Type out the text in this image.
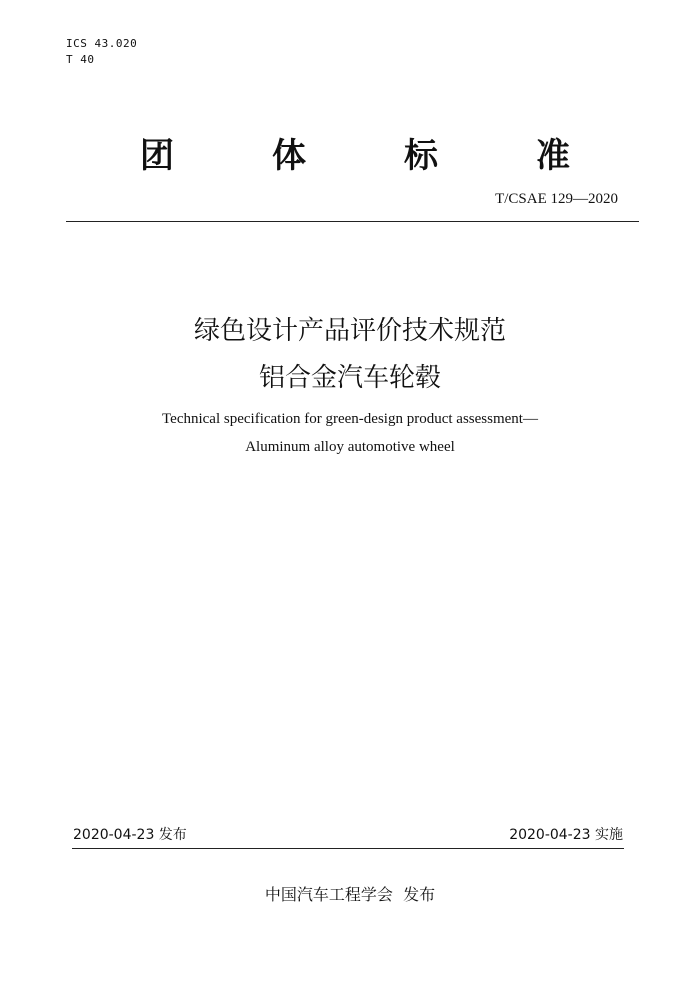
ICS 43.020
T 40
团	体	标	准
T/CSAE 129—2020
绿色设计产品评价技术规范
铝合金汽车轮毂
Technical specification for green-design product assessment—
Aluminum alloy automotive wheel
2020-04-23 发布	2020-04-23 实施
中国汽车工程学会  发布
